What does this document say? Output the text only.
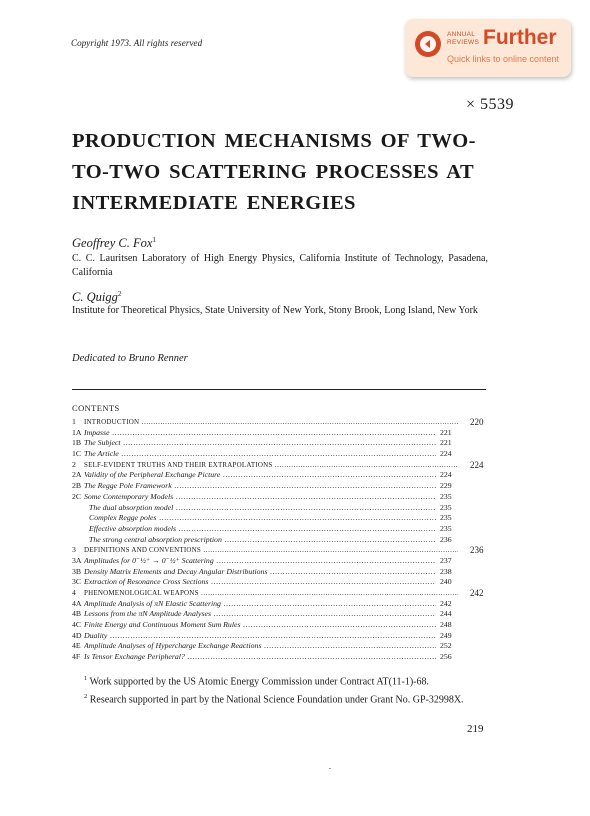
Copyright 1973. All rights reserved
ANNUAL
REVIEWS Further
Quick links to online content
× 5539
PRODUCTION MECHANISMS OF TWO-TO-TWO SCATTERING PROCESSES AT INTERMEDIATE ENERGIES
Geoffrey C. Fox$^1$
C. C. Lauritsen Laboratory of High Energy Physics, California Institute of Technology, Pasadena, California
C. Quigg$^2$
Institute for Theoretical Physics, State University of New York, Stony Brook, Long Island, New York
Dedicated to Bruno Renner
CONTENTS
1 INTRODUCTION .....	220
1A Impasse .....	221
1B The Subject .....	221
1C The Article .....	224
2 SELF-EVIDENT TRUTHS AND THEIR EXTRAPOLATIONS .....	224
2A Validity of the Peripheral Exchange Picture .....	224
2B The Regge Pole Framework .....	229
2C Some Contemporary Models .....	235
The dual absorption model .....	235
Complex Regge poles .....	235
Effective absorption models .....	235
The strong central absorption prescription .....	236
3 DEFINITIONS AND CONVENTIONS .....	236
3A Amplitudes for 0⁻½⁺ → 0⁻½⁺ Scattering .....	237
3B Density Matrix Elements and Decay Angular Distributions .....	238
3C Extraction of Resonance Cross Sections .....	240
4 PHENOMENOLOGICAL WEAPONS .....	242
4A Amplitude Analysis of πN Elastic Scattering .....	242
4B Lessons from the πN Amplitude Analyses .....	244
4C Finite Energy and Continuous Moment Sum Rules .....	248
4D Duality .....	249
4E Amplitude Analyses of Hypercharge Exchange Reactions .....	252
4F Is Tensor Exchange Peripheral? .....	256

$^1$ Work supported by the US Atomic Energy Commission under Contract AT(11-1)-68.

$^2$ Research supported in part by the National Science Foundation under Grant No. GP-32998X.

219
